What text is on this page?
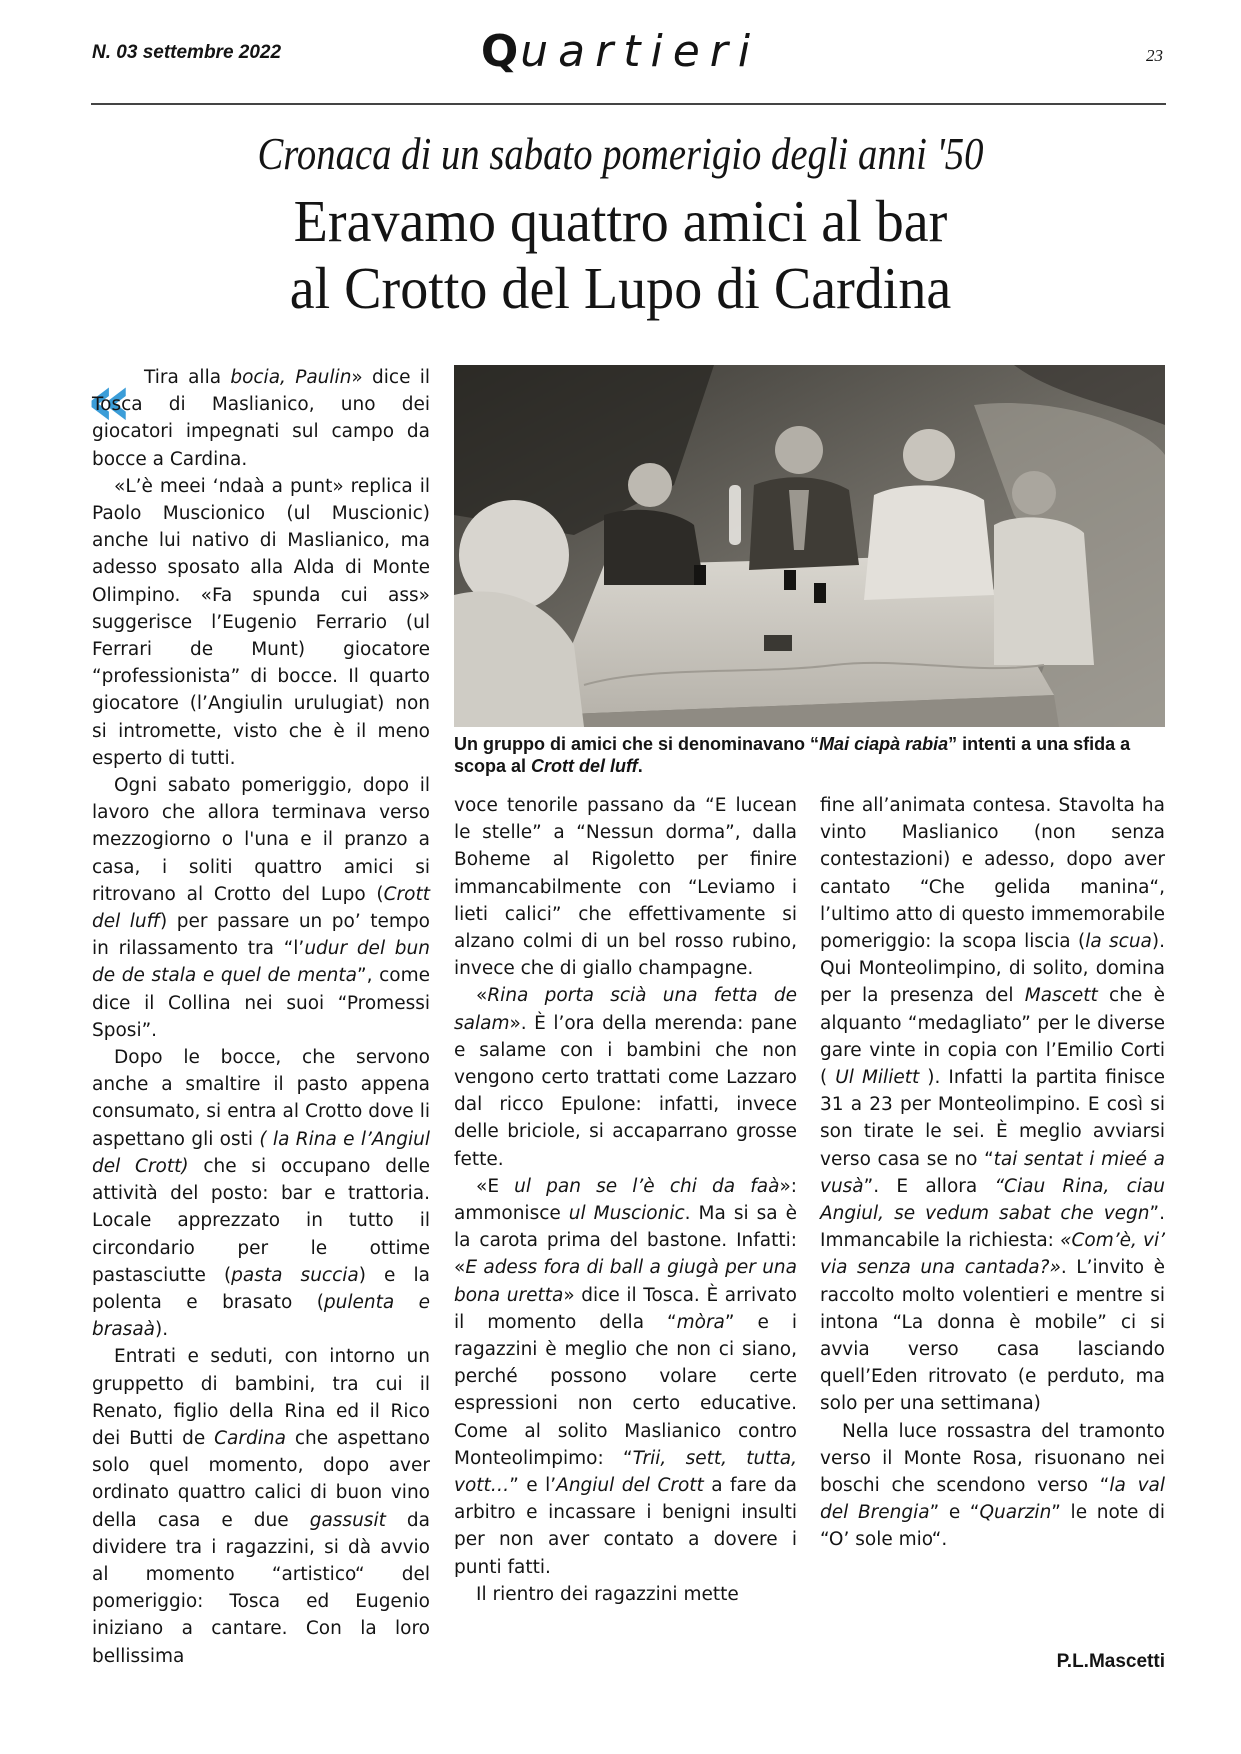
N. 03 settembre 2022	Quartieri	23
Cronaca di un sabato pomerigio degli anni '50
Eravamo quattro amici al bar
al Crotto del Lupo di Cardina
« Tira alla bocia, Paulin» dice il Tosca di Maslianico, uno dei giocatori impegnati sul campo da bocce a Cardina.

«L’è meei ‘ndaà a punt» replica il Paolo Muscionico (ul Muscionic) anche lui nativo di Maslianico, ma adesso sposato alla Alda di Monte Olimpino. «Fa spunda cui ass» suggerisce l’Eugenio Ferrario (ul Ferrari de Munt) giocatore “professionista” di bocce. Il quarto giocatore (l’Angiulin urulugiat) non si intromette, visto che è il meno esperto di tutti.

Ogni sabato pomeriggio, dopo il lavoro che allora terminava verso mezzogiorno o l'una e il pranzo a casa, i soliti quattro amici si ritrovano al Crotto del Lupo (Crott del luff) per passare un po’ tempo in rilassamento tra “l’udur del bun de de stala e quel de menta”, come dice il Collina nei suoi “Promessi Sposi”.

Dopo le bocce, che servono anche a smaltire il pasto appena consumato, si entra al Crotto dove li aspettano gli osti ( la Rina e l’Angiul del Crott) che si occupano delle attività del posto: bar e trattoria. Locale apprezzato in tutto il circondario per le ottime pastasciutte (pasta succia) e la polenta e brasato (pulenta e brasaà).

Entrati e seduti, con intorno un gruppetto di bambini, tra cui il Renato, figlio della Rina ed il Rico dei Butti de Cardina che aspettano solo quel momento, dopo aver ordinato quattro calici di buon vino della casa e due gassusit da dividere tra i ragazzini, si dà avvio al momento “artistico“ del pomeriggio: Tosca ed Eugenio iniziano a cantare. Con la loro bellissima

Un gruppo di amici che si denominavano “Mai ciapà rabia” intenti a una sfida a scopa al Crott del luff.

voce tenorile passano da “E lucean le stelle” a “Nessun dorma”, dalla Boheme al Rigoletto per finire immancabilmente con “Leviamo i lieti calici” che effettivamente si alzano colmi di un bel rosso rubino, invece che di giallo champagne.

«Rina porta scià una fetta de salam». È l’ora della merenda: pane e salame con i bambini che non vengono certo trattati come Lazzaro dal ricco Epulone: infatti, invece delle briciole, si accaparrano grosse fette.

«E ul pan se l’è chi da faà»: ammonisce ul Muscionic. Ma si sa è la carota prima del bastone. Infatti: «E adess fora di ball a giugà per una bona uretta» dice il Tosca. È arrivato il momento della “mòra” e i ragazzini è meglio che non ci siano, perché possono volare certe espressioni non certo educative. Come al solito Maslianico contro Monteolimpimo: “Trii, sett, tutta, vott…” e l’Angiul del Crott a fare da arbitro e incassare i benigni insulti per non aver contato a dovere i punti fatti.

Il rientro dei ragazzini mette

fine all’animata contesa. Stavolta ha vinto Maslianico (non senza contestazioni) e adesso, dopo aver cantato “Che gelida manina“, l’ultimo atto di questo immemorabile pomeriggio: la scopa liscia (la scua). Qui Monteolimpino, di solito, domina per la presenza del Mascett che è alquanto “medagliato” per le diverse gare vinte in copia con l’Emilio Corti ( Ul Miliett ). Infatti la partita finisce 31 a 23 per Monteolimpino. E così si son tirate le sei. È meglio avviarsi verso casa se no “tai sentat i mieé a vusà”. E allora “Ciau Rina, ciau Angiul, se vedum sabat che vegn”. Immancabile la richiesta: «Com’è, vi’ via senza una cantada?». L’invito è raccolto molto volentieri e mentre si intona “La donna è mobile” ci si avvia verso casa lasciando quell’Eden ritrovato (e perduto, ma solo per una settimana)

Nella luce rossastra del tramonto verso il Monte Rosa, risuonano nei boschi che scendono verso “la val del Brengia” e “Quarzin” le note di “O’ sole mio“.

P.L.Mascetti
